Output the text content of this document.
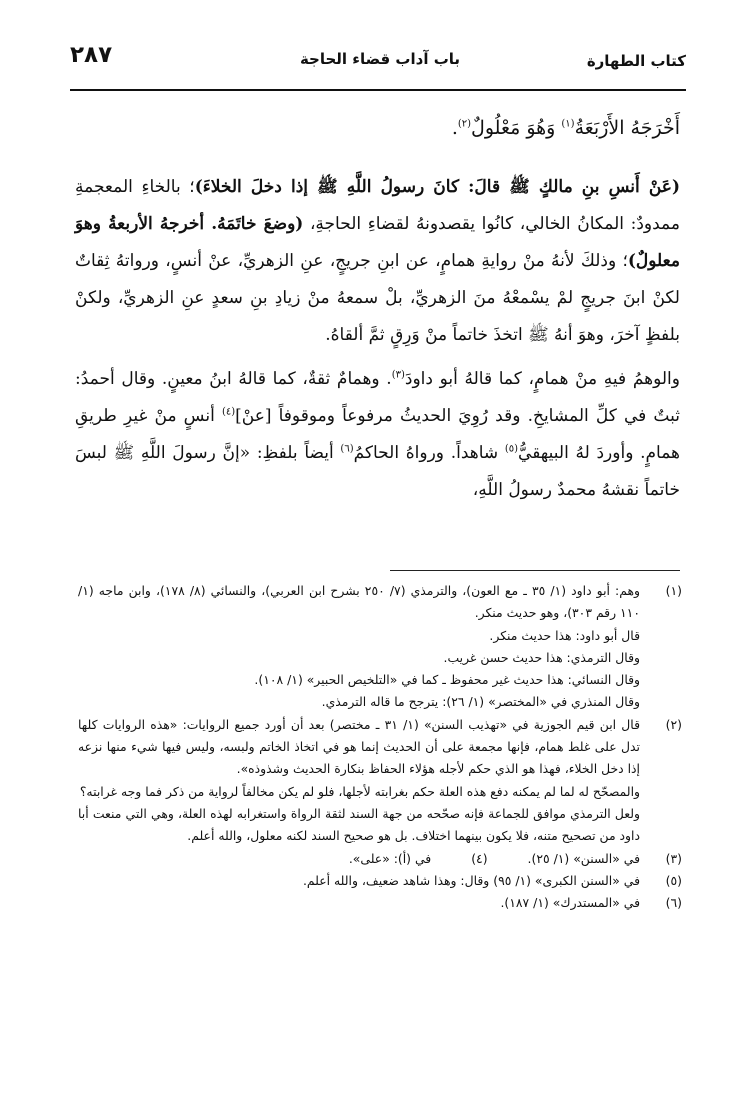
٢٨٧	باب آداب قضاء الحاجة	كتاب الطهارة

أَخْرَجَهُ الأَرْبَعَةُ$^{(١)}$ وَهُوَ مَعْلُولٌ$^{(٢)}$.

(عَنْ أَنسِ بنِ مالكٍ ﷺ قالَ: كانَ رسولُ اللَّهِ ﷺ إذا دخلَ الخلاءَ)؛ بالخاءِ المعجمةِ ممدودٌ: المكانُ الخالي، كانُوا يقصدونهُ لقضاءِ الحاجةِ، (وضعَ خاتَمَهُ. أخرجهُ الأربعةُ وهوَ معلولٌ)؛ وذلكَ لأنهُ منْ روايةِ همامٍ، عن ابنِ جريجٍ، عنِ الزهريِّ، عنْ أنسٍ، ورواتهُ ثِقاتٌ لكنْ ابنَ جريجٍ لمْ يسْمعْهُ منَ الزهريِّ، بلْ سمعهُ منْ زيادِ بنِ سعدٍ عنِ الزهريِّ، ولكنْ بلفظٍ آخرَ، وهوَ أنهُ ﷺ اتخذَ خاتماً منْ وَرِقٍ ثمَّ ألقاهُ.

والوهمُ فيهِ منْ همامٍ، كما قالهُ أبو داودَ$^{(٣)}$. وهمامٌ ثقةٌ، كما قالهُ ابنُ معينٍ. وقال أحمدُ: ثبتٌ في كلِّ المشايخِ. وقد رُوِيَ الحديثُ مرفوعاً وموقوفاً [عنْ]$^{(٤)}$ أنسٍ منْ غيرِ طريقِ همامٍ. وأوردَ لهُ البيهقيُّ$^{(٥)}$ شاهداً. ورواهُ الحاكمُ$^{(٦)}$ أيضاً بلفظِ: «إنَّ رسولَ اللَّهِ ﷺ لبسَ خاتماً نقشهُ محمدٌ رسولُ اللَّهِ،

(١)
وهم: أبو داود (١/ ٣٥ ـ مع العون)، والترمذي (٧/ ٢٥٠ بشرح ابن العربي)، والنسائي (٨/ ١٧٨)، وابن ماجه (١/ ١١٠ رقم ٣٠٣)، وهو حديث منكر.
قال أبو داود: هذا حديث منكر.
وقال الترمذي: هذا حديث حسن غريب.
وقال النسائي: هذا حديث غير محفوظ ـ كما في «التلخيص الحبير» (١/ ١٠٨).
وقال المنذري في «المختصر» (١/ ٢٦): يترجح ما قاله الترمذي.
(٢)
قال ابن قيم الجوزية في «تهذيب السنن» (١/ ٣١ ـ مختصر) بعد أن أورد جميع الروايات: «هذه الروايات كلها تدل على غلط همام، فإنها مجمعة على أن الحديث إنما هو في اتخاذ الخاتم ولبسه، وليس فيها شيء منها نزعه إذا دخل الخلاء، فهذا هو الذي حكم لأجله هؤلاء الحفاظ بنكارة الحديث وشذوذه».
والمصحّح له لما لم يمكنه دفع هذه العلة حكم بغرابته لأجلها، فلو لم يكن مخالفاً لرواية من ذكر فما وجه غرابته؟
ولعل الترمذي موافق للجماعة فإنه صحّحه من جهة السند لثقة الرواة واستغرابه لهذه العلة، وهي التي منعت أبا داود من تصحيح متنه، فلا يكون بينهما اختلاف. بل هو صحيح السند لكنه معلول، والله أعلم.
(٣)
في «السنن» (١/ ٢٥).
(٤)
في (أ): «على».
(٥)
في «السنن الكبرى» (١/ ٩٥) وقال: وهذا شاهد ضعيف، والله أعلم.
(٦)
في «المستدرك» (١/ ١٨٧).
